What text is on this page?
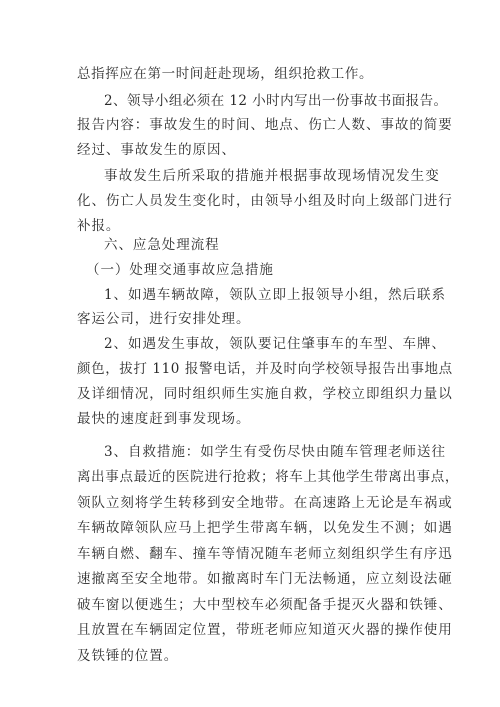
总指挥应在第一时间赶赴现场，组织抢救工作。
2、领导小组必须在 12 小时内写出一份事故书面报告。
报告内容：事故发生的时间、地点、伤亡人数、事故的简要
经过、事故发生的原因、
事故发生后所采取的措施并根据事故现场情况发生变
化、伤亡人员发生变化时，由领导小组及时向上级部门进行
补报。
六、应急处理流程
（一）处理交通事故应急措施
1、如遇车辆故障，领队立即上报领导小组，然后联系
客运公司，进行安排处理。
2、如遇发生事故，领队要记住肇事车的车型、车牌、
颜色，拔打 110 报警电话，并及时向学校领导报告出事地点
及详细情况，同时组织师生实施自救，学校立即组织力量以
最快的速度赶到事发现场。
3、自救措施：如学生有受伤尽快由随车管理老师送往
离出事点最近的医院进行抢救；将车上其他学生带离出事点，
领队立刻将学生转移到安全地带。在高速路上无论是车祸或
车辆故障领队应马上把学生带离车辆，以免发生不测；如遇
车辆自燃、翻车、撞车等情况随车老师立刻组织学生有序迅
速撤离至安全地带。如撤离时车门无法畅通，应立刻设法砸
破车窗以便逃生；大中型校车必须配备手提灭火器和铁锤、
且放置在车辆固定位置，带班老师应知道灭火器的操作使用
及铁锤的位置。
